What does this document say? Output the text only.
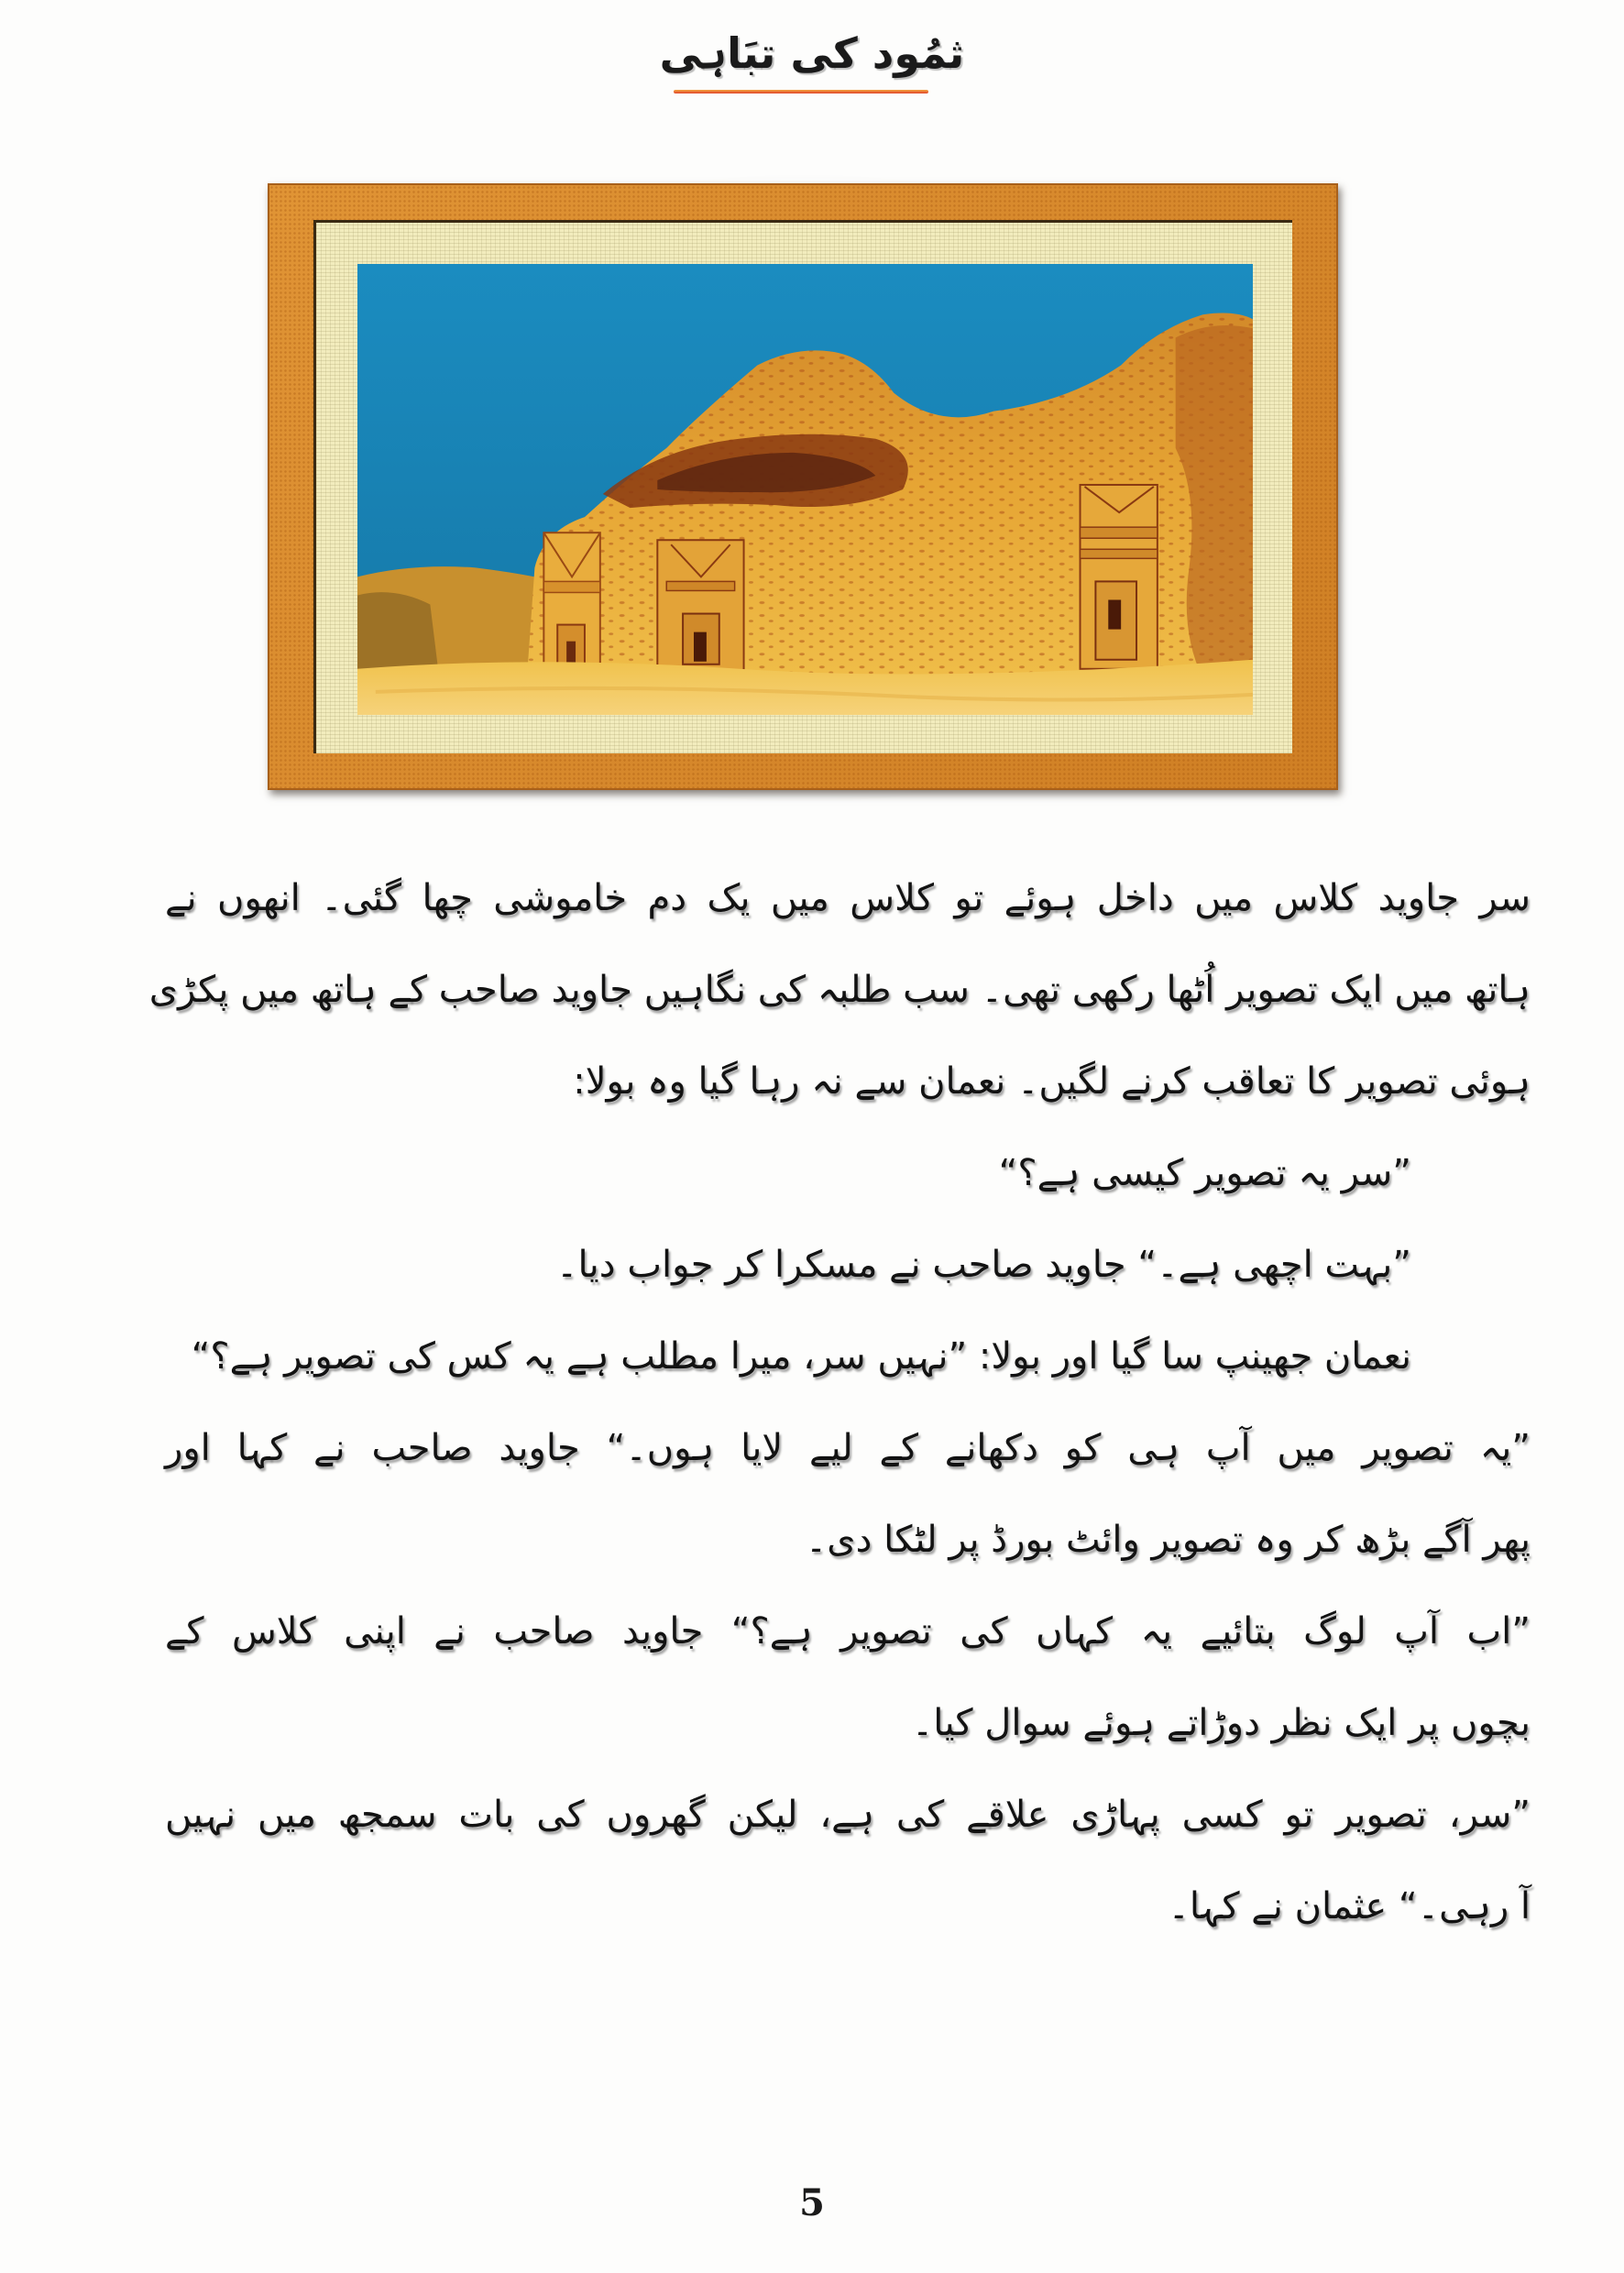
ثمُود کی تبَاہی
سر جاوید کلاس میں داخل ہوئے تو کلاس میں یک دم خاموشی چھا گئی۔ انھوں نے
ہاتھ میں ایک تصویر اُٹھا رکھی تھی۔ سب طلبہ کی نگاہیں جاوید صاحب کے ہاتھ میں پکڑی
ہوئی تصویر کا تعاقب کرنے لگیں۔ نعمان سے نہ رہا گیا وہ بولا:
”سر یہ تصویر کیسی ہے؟“
”بہت اچھی ہے۔“ جاوید صاحب نے مسکرا کر جواب دیا۔
نعمان جھینپ سا گیا اور بولا: ”نہیں سر، میرا مطلب ہے یہ کس کی تصویر ہے؟“
”یہ تصویر میں آپ ہی کو دکھانے کے لیے لایا ہوں۔“ جاوید صاحب نے کہا اور
پھر آگے بڑھ کر وہ تصویر وائٹ بورڈ پر لٹکا دی۔
”اب آپ لوگ بتائیے یہ کہاں کی تصویر ہے؟“ جاوید صاحب نے اپنی کلاس کے
بچوں پر ایک نظر دوڑاتے ہوئے سوال کیا۔
”سر، تصویر تو کسی پہاڑی علاقے کی ہے، لیکن گھروں کی بات سمجھ میں نہیں
آ رہی۔“ عثمان نے کہا۔
5
